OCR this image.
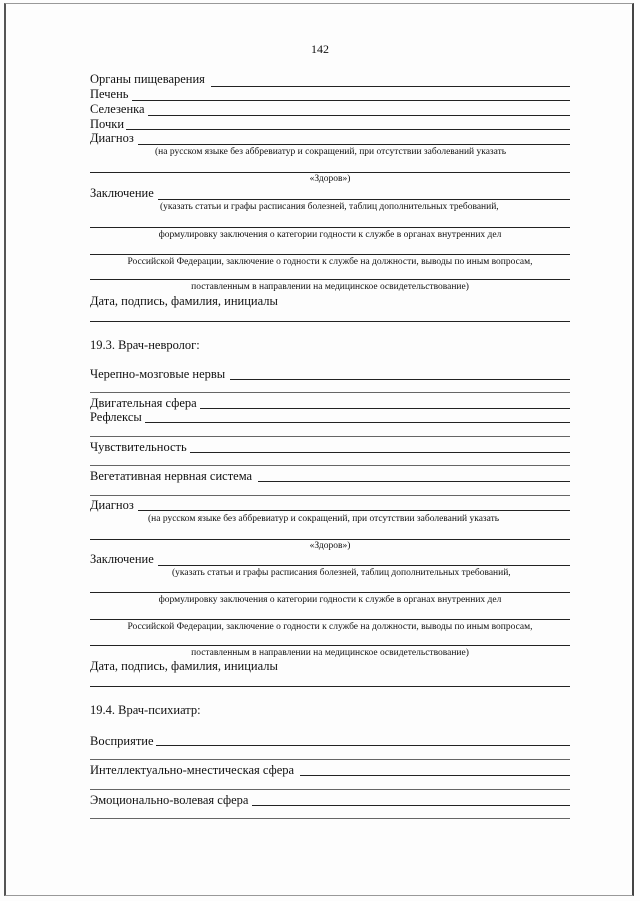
142
Органы пищеварения
Печень
Селезенка
Почки
Диагноз
(на русском языке без аббревиатур и сокращений, при отсутствии заболеваний указать
«Здоров»)
Заключение
(указать статьи и графы расписания болезней, таблиц дополнительных требований,
формулировку заключения о категории годности к службе в органах внутренних дел
Российской Федерации, заключение о годности к службе на должности, выводы по иным вопросам,
поставленным в направлении на медицинское освидетельствование)
Дата, подпись, фамилия, инициалы
19.3. Врач-невролог:
Черепно-мозговые нервы
Двигательная сфера
Рефлексы
Чувствительность
Вегетативная нервная система
Диагноз
(на русском языке без аббревиатур и сокращений, при отсутствии заболеваний указать
«Здоров»)
Заключение
(указать статьи и графы расписания болезней, таблиц дополнительных требований,
формулировку заключения о категории годности к службе в органах внутренних дел
Российской Федерации, заключение о годности к службе на должности, выводы по иным вопросам,
поставленным в направлении на медицинское освидетельствование)
Дата, подпись, фамилия, инициалы
19.4. Врач-психиатр:
Восприятие
Интеллектуально-мнестическая сфера
Эмоционально-волевая сфера
